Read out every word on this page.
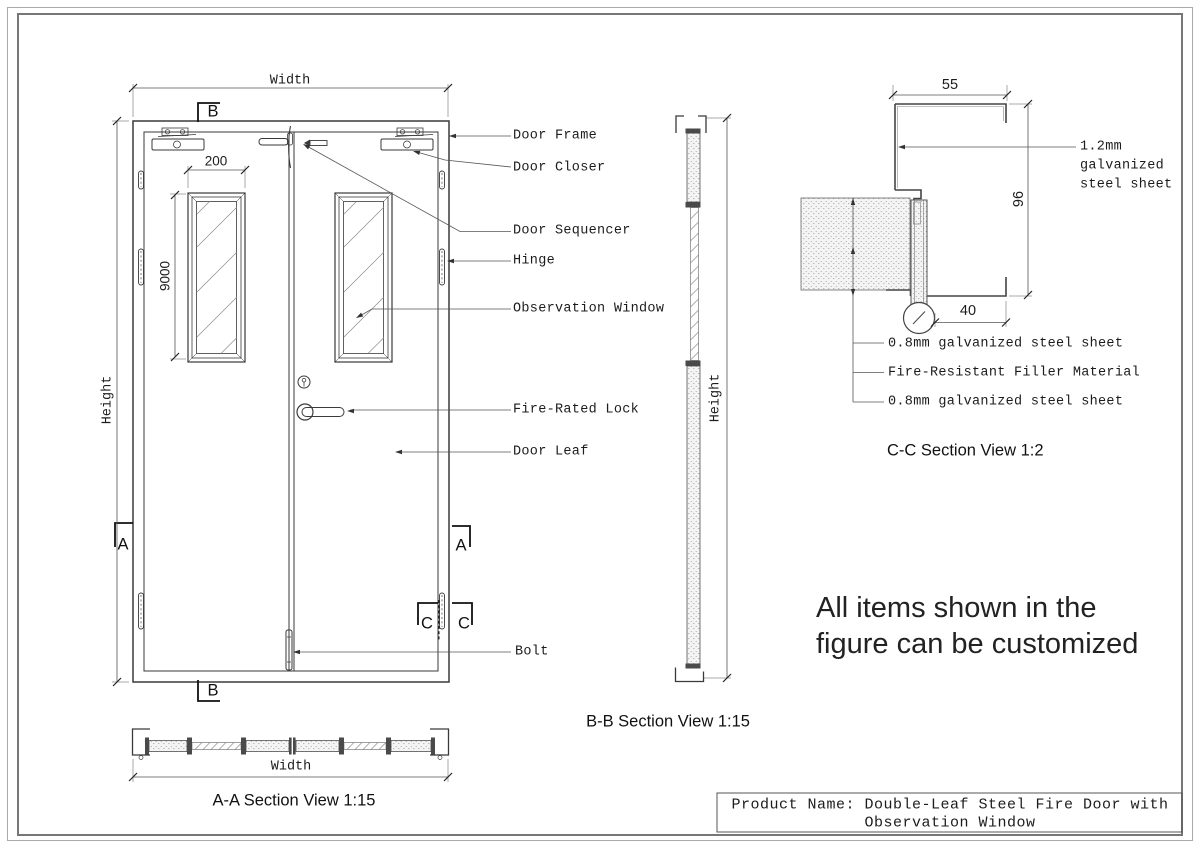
Width
Height
200
9000
B
B
A	A
C C
Door Frame
Door Closer
Door Sequencer
Hinge
Observation Window
Fire-Rated Lock
Door Leaf
Bolt
Width
A-A Section View 1:15
Height
B-B Section View 1:15
55
96
40
1.2mm
galvanized
steel sheet
0.8mm galvanized steel sheet
Fire-Resistant Filler Material
0.8mm galvanized steel sheet
C-C Section View 1:2
All items shown in the
figure can be customized
Product Name: Double-Leaf Steel Fire Door with
Observation Window
